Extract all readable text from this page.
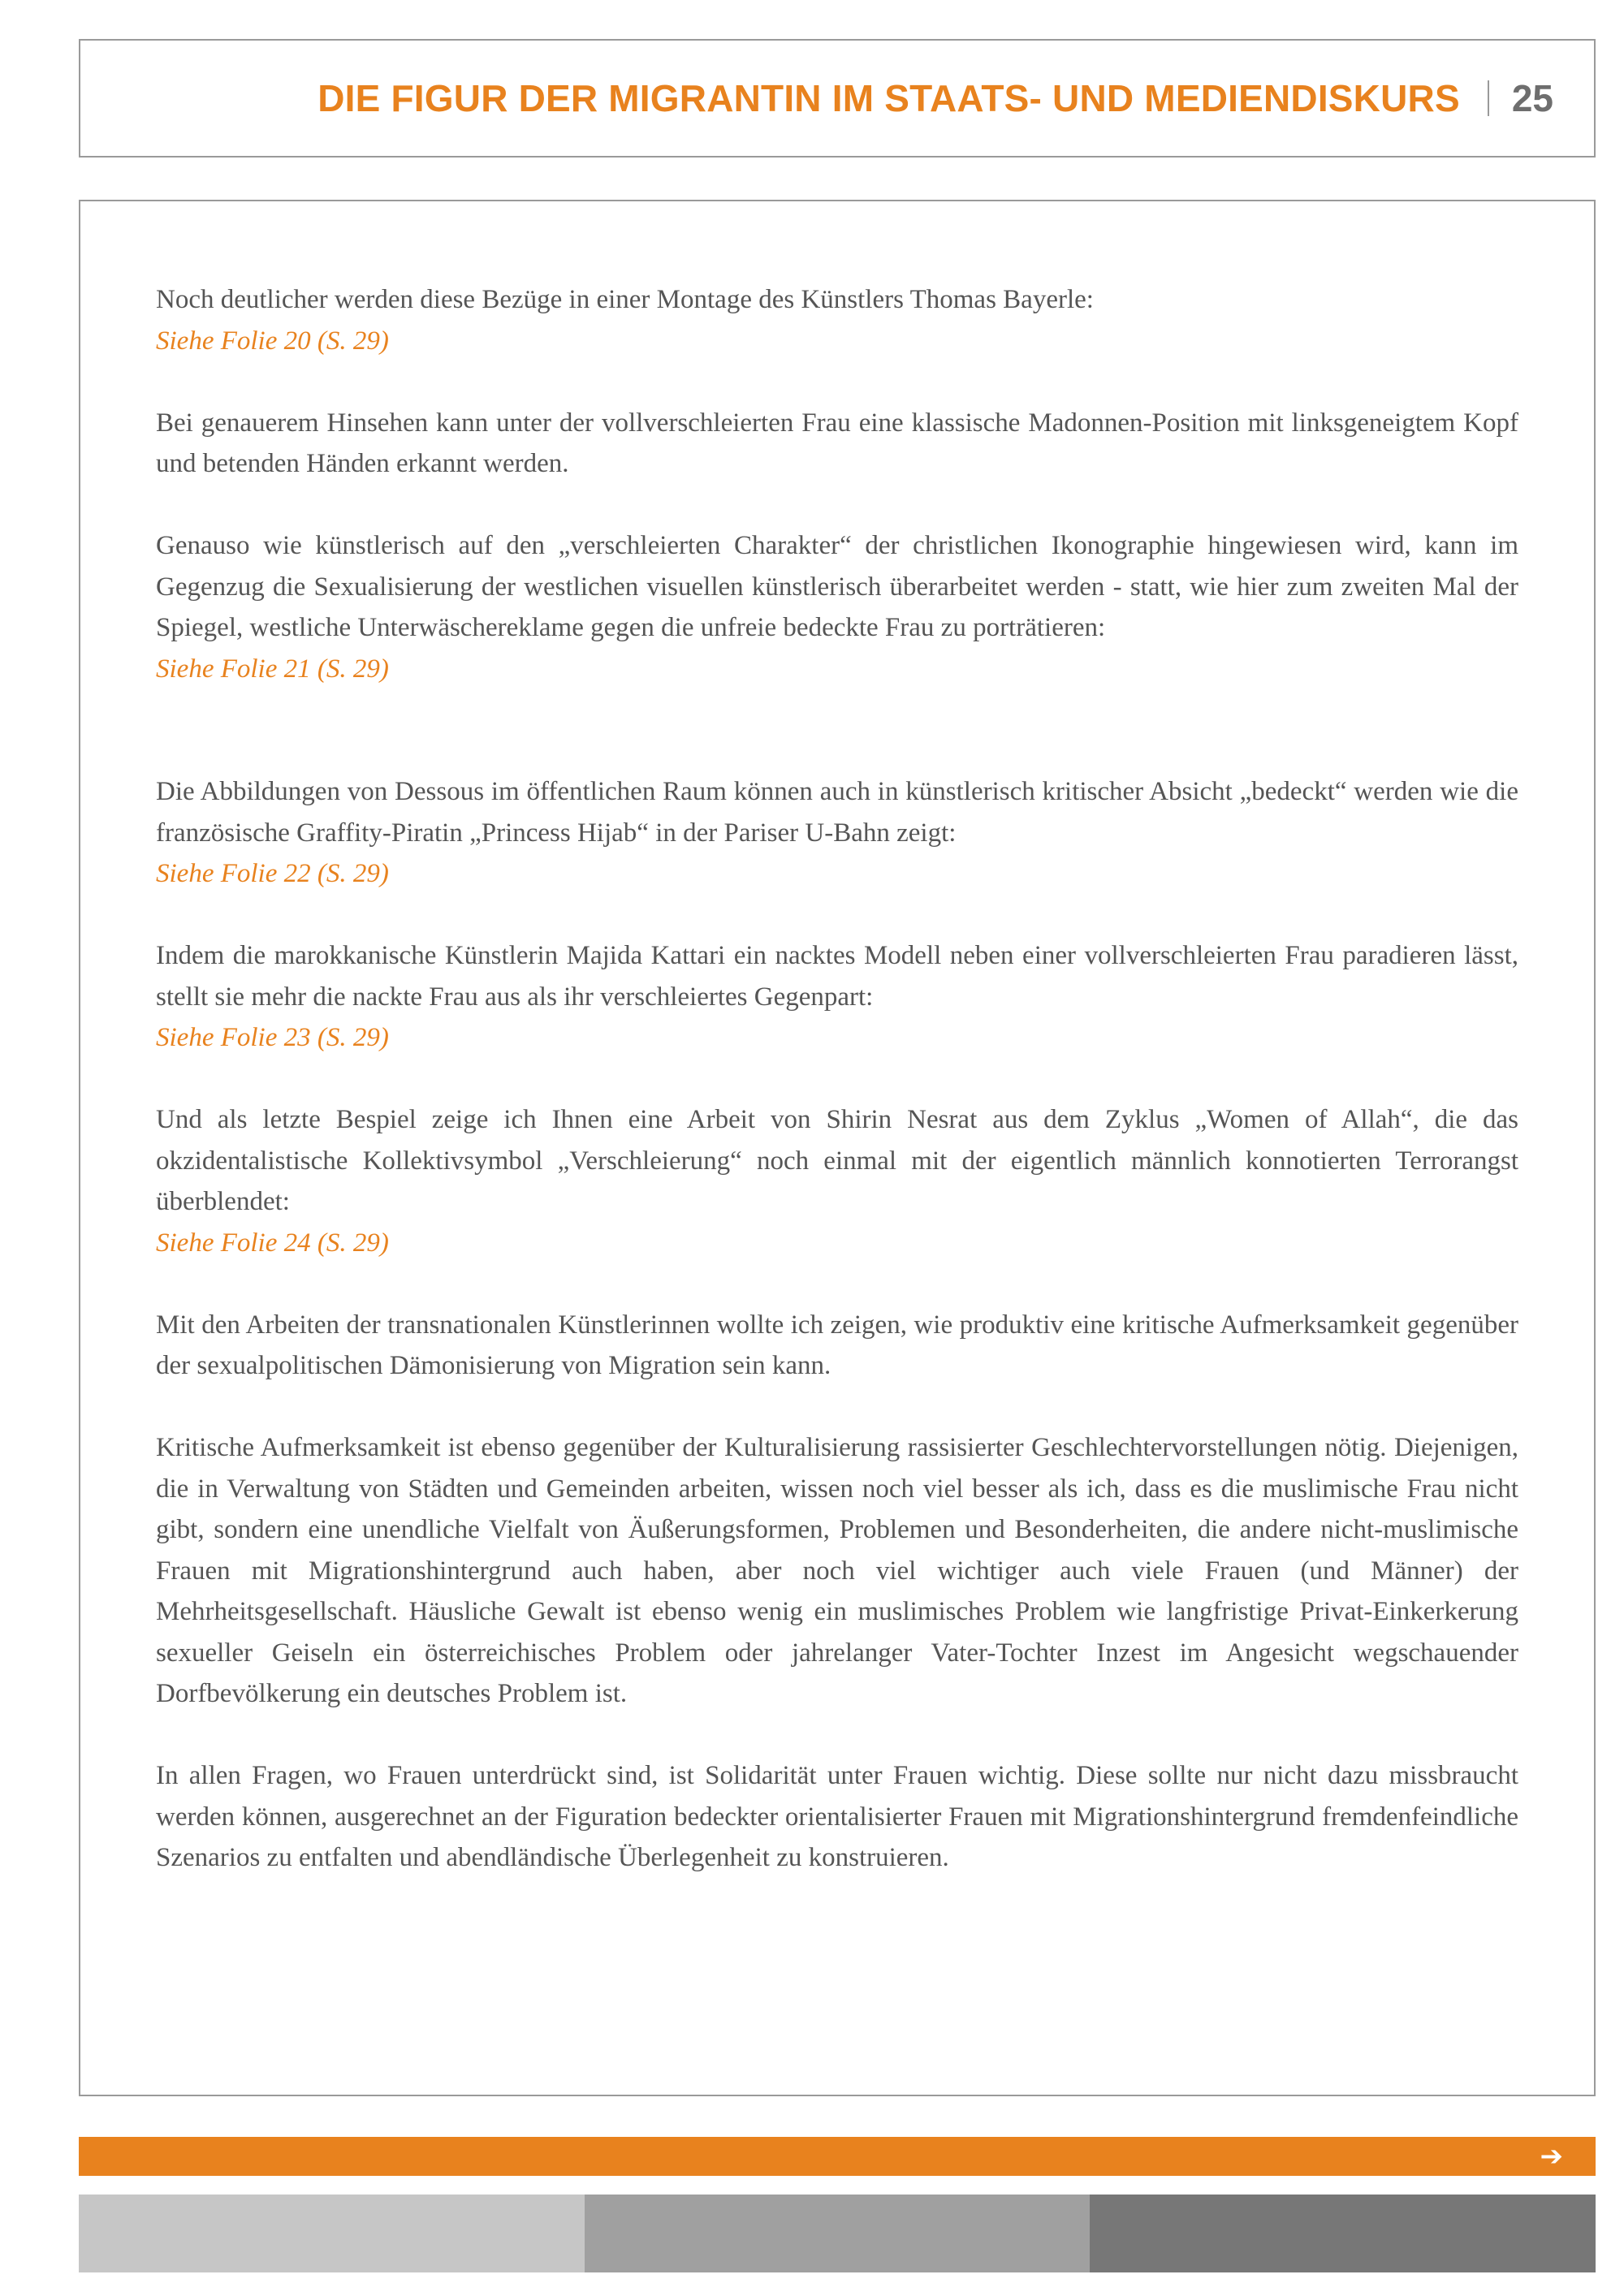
DIE FIGUR DER MIGRANTIN IM STAATS- UND MEDIENDISKURS 25

Noch deutlicher werden diese Bezüge in einer Montage des Künstlers Thomas Bayerle:
Siehe Folie 20 (S. 29)

Bei genauerem Hinsehen kann unter der vollverschleierten Frau eine klassische Madonnen-Position mit linksgeneigtem Kopf und betenden Händen erkannt werden.

Genauso wie künstlerisch auf den „verschleierten Charakter“ der christlichen Ikonographie hingewiesen wird, kann im Gegenzug die Sexualisierung der westlichen visuellen künstlerisch überarbeitet werden - statt, wie hier zum zweiten Mal der Spiegel, westliche Unterwäschereklame gegen die unfreie bedeckte Frau zu porträtieren:
Siehe Folie 21 (S. 29)

Die Abbildungen von Dessous im öffentlichen Raum können auch in künstlerisch kritischer Absicht „bedeckt“ werden wie die französische Graffity-Piratin „Princess Hijab“ in der Pariser U-Bahn zeigt:
Siehe Folie 22 (S. 29)

Indem die marokkanische Künstlerin Majida Kattari ein nacktes Modell neben einer vollverschleierten Frau paradieren lässt, stellt sie mehr die nackte Frau aus als ihr verschleiertes Gegenpart:
Siehe Folie 23 (S. 29)

Und als letzte Bespiel zeige ich Ihnen eine Arbeit von Shirin Nesrat aus dem Zyklus „Women of Allah“, die das okzidentalistische Kollektivsymbol „Verschleierung“ noch einmal mit der eigentlich männlich konnotierten Terrorangst überblendet:
Siehe Folie 24 (S. 29)

Mit den Arbeiten der transnationalen Künstlerinnen wollte ich zeigen, wie produktiv eine kritische Aufmerksamkeit gegenüber der sexualpolitischen Dämonisierung von Migration sein kann.

Kritische Aufmerksamkeit ist ebenso gegenüber der Kulturalisierung rassisierter Geschlechtervorstellungen nötig. Diejenigen, die in Verwaltung von Städten und Gemeinden arbeiten, wissen noch viel besser als ich, dass es die muslimische Frau nicht gibt, sondern eine unendliche Vielfalt von Äußerungsformen, Problemen und Besonderheiten, die andere nicht-muslimische Frauen mit Migrationshintergrund auch haben, aber noch viel wichtiger auch viele Frauen (und Männer) der Mehrheitsgesellschaft. Häusliche Gewalt ist ebenso wenig ein muslimisches Problem wie langfristige Privat-Einkerkerung sexueller Geiseln ein österreichisches Problem oder jahrelanger Vater-Tochter Inzest im Angesicht wegschauender Dorfbevölkerung ein deutsches Problem ist.

In allen Fragen, wo Frauen unterdrückt sind, ist Solidarität unter Frauen wichtig. Diese sollte nur nicht dazu missbraucht werden können, ausgerechnet an der Figuration bedeckter orientalisierter Frauen mit Migrationshintergrund fremdenfeindliche Szenarios zu entfalten und abendländische Überlegenheit zu konstruieren.

➔
